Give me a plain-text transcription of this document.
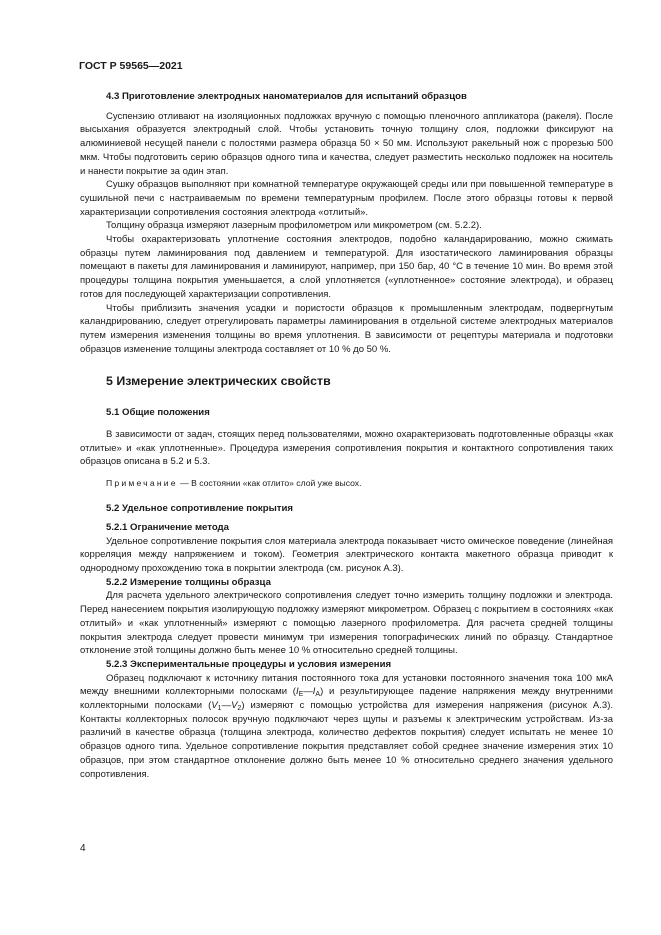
ГОСТ Р 59565—2021
4.3 Приготовление электродных наноматериалов для испытаний образцов

Суспензию отливают на изоляционных подложках вручную с помощью пленочного аппликатора (ракеля). После высыхания образуется электродный слой. Чтобы установить точную толщину слоя, подложки фиксируют на алюминиевой несущей панели с полостями размера образца 50 × 50 мм. Используют ракельный нож с прорезью 500 мкм. Чтобы подготовить серию образцов одного типа и качества, следует разместить несколько подложек на носитель и нанести покрытие за один этап.

Сушку образцов выполняют при комнатной температуре окружающей среды или при повышенной температуре в сушильной печи с настраиваемым по времени температурным профилем. После этого образцы готовы к первой характеризации сопротивления состояния электрода «отлитый».

Толщину образца измеряют лазерным профилометром или микрометром (см. 5.2.2).

Чтобы охарактеризовать уплотнение состояния электродов, подобно каландарированию, можно сжимать образцы путем ламинирования под давлением и температурой. Для изостатического ламинирования образцы помещают в пакеты для ламинирования и ламинируют, например, при 150 бар, 40 °С в течение 10 мин. Во время этой процедуры толщина покрытия уменьшается, а слой уплотняется («уплотненное» состояние электрода), и образец готов для последующей характеризации сопротивления.

Чтобы приблизить значения усадки и пористости образцов к промышленным электродам, подвергнутым каландрированию, следует отрегулировать параметры ламинирования в отдельной системе электродных материалов путем измерения изменения толщины во время уплотнения. В зависимости от рецептуры материала и подготовки образцов изменение толщины электрода составляет от 10 % до 50 %.

5 Измерение электрических свойств
5.1 Общие положения

В зависимости от задач, стоящих перед пользователями, можно охарактеризовать подготовленные образцы «как отлитые» и «как уплотненные». Процедура измерения сопротивления покрытия и контактного сопротивления таких образцов описана в 5.2 и 5.3.

Примечание — В состоянии «как отлито» слой уже высох.
5.2 Удельное сопротивление покрытия
5.2.1 Ограничение метода

Удельное сопротивление покрытия слоя материала электрода показывает чисто омическое поведение (линейная корреляция между напряжением и током). Геометрия электрического контакта макетного образца приводит к однородному прохождению тока в покрытии электрода (см. рисунок А.3).

5.2.2 Измерение толщины образца

Для расчета удельного электрического сопротивления следует точно измерить толщину подложки и электрода. Перед нанесением покрытия изолирующую подложку измеряют микрометром. Образец с покрытием в состояниях «как отлитый» и «как уплотненный» измеряют с помощью лазерного профилометра. Для расчета средней толщины покрытия электрода следует провести минимум три измерения топографических линий по образцу. Стандартное отклонение этой толщины должно быть менее 10 % относительно средней толщины.

5.2.3 Экспериментальные процедуры и условия измерения

Образец подключают к источнику питания постоянного тока для установки постоянного значения тока 100 мкА между внешними коллекторными полосками $(I_E—I_A)$ и результирующее падение напряжения между внутренними коллекторными полосками $(V_1—V_2)$ измеряют с помощью устройства для измерения напряжения (рисунок А.3). Контакты коллекторных полосок вручную подключают через щупы и разъемы к электрическим устройствам. Из-за различий в качестве образца (толщина электрода, количество дефектов покрытия) следует испытать не менее 10 образцов одного типа. Удельное сопротивление покрытия представляет собой среднее значение измерения этих 10 образцов, при этом стандартное отклонение должно быть менее 10 % относительно среднего значения удельного сопротивления.

4
